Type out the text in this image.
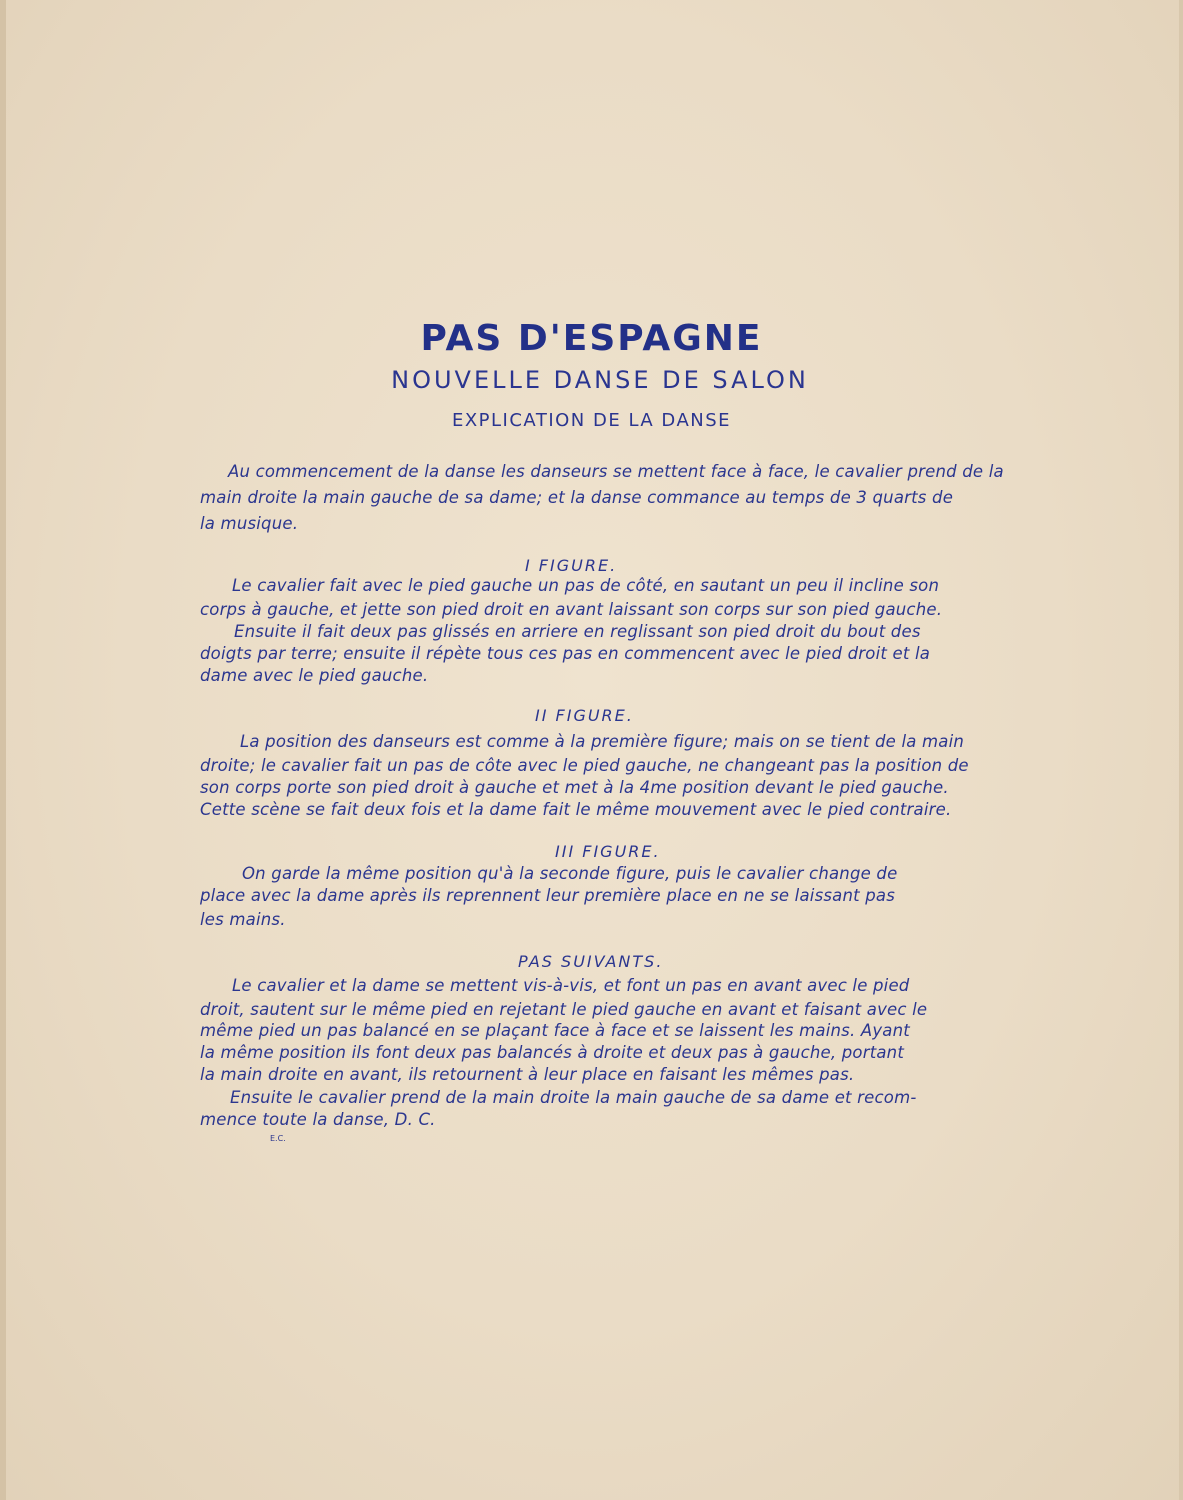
PAS D'ESPAGNE
NOUVELLE DANSE DE SALON
EXPLICATION DE LA DANSE
Au commencement de la danse les danseurs se mettent face à face, le cavalier prend de la
main droite la main gauche de sa dame; et la danse commance au temps de 3 quarts de
la musique.
I FIGURE.
Le cavalier fait avec le pied gauche un pas de côté, en sautant un peu il incline son
corps à gauche, et jette son pied droit en avant laissant son corps sur son pied gauche.
Ensuite il fait deux pas glissés en arriere en reglissant son pied droit du bout des
doigts par terre; ensuite il répète tous ces pas en commencent avec le pied droit et la
dame avec le pied gauche.
II FIGURE.
La position des danseurs est comme à la première figure; mais on se tient de la main
droite; le cavalier fait un pas de côte avec le pied gauche, ne changeant pas la position de
son corps porte son pied droit à gauche et met à la 4me position devant le pied gauche.
Cette scène se fait deux fois et la dame fait le même mouvement avec le pied contraire.
III FIGURE.
On garde la même position qu'à la seconde figure, puis le cavalier change de
place avec la dame après ils reprennent leur première place en ne se laissant pas
les mains.
PAS SUIVANTS.
Le cavalier et la dame se mettent vis-à-vis, et font un pas en avant avec le pied
droit, sautent sur le même pied en rejetant le pied gauche en avant et faisant avec le
même pied un pas balancé en se plaçant face à face et se laissent les mains. Ayant
la même position ils font deux pas balancés à droite et deux pas à gauche, portant
la main droite en avant, ils retournent à leur place en faisant les mêmes pas.
Ensuite le cavalier prend de la main droite la main gauche de sa dame et recom-
mence toute la danse, D. C.
E.C.
